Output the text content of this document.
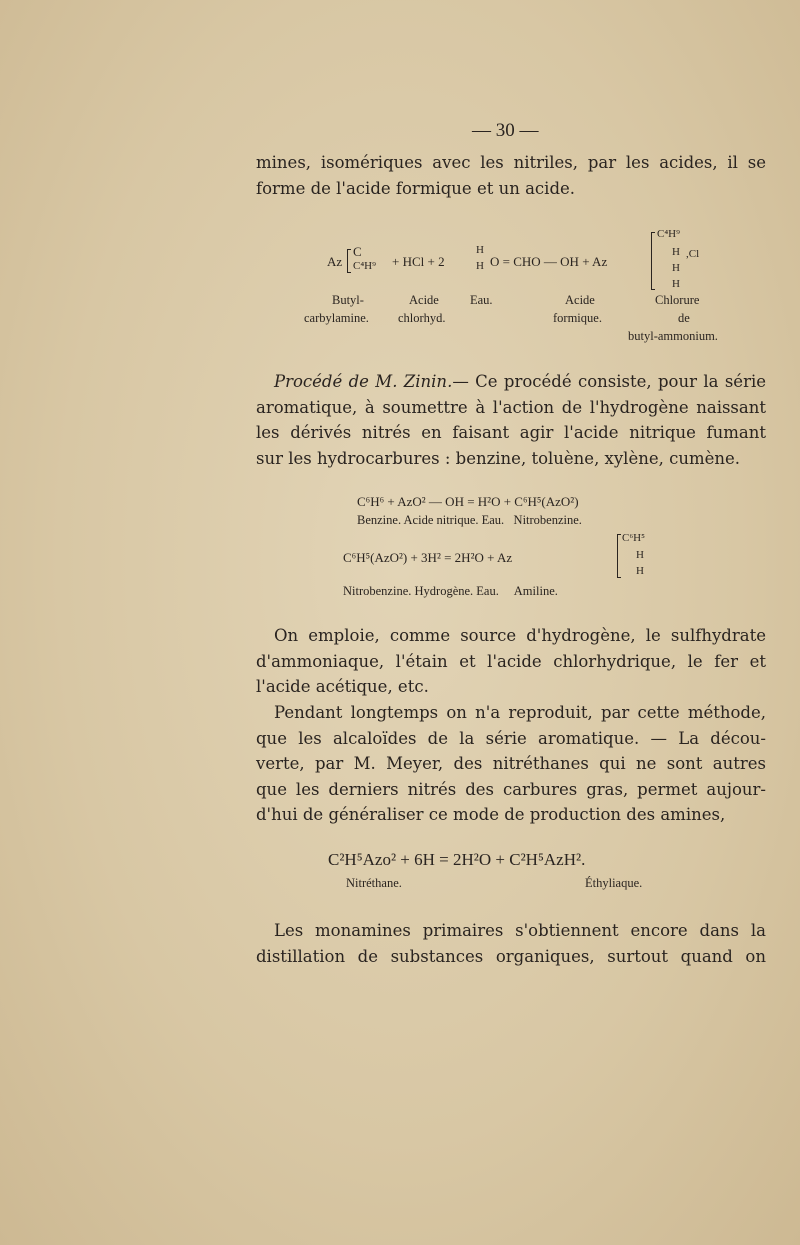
— 30 —
mines, isomériques avec les nitriles, par les acides, il se
forme de l'acide formique et un acide.
Az
C
C⁴H⁹ + HCl + 2
H
H O = CHO — OH + Az
C⁴H⁹
H ,Cl
H
H
Butyl-
carbylamine.
Acide
chlorhyd.
Eau.	Acide
formique.
Chlorure
de
butyl-ammonium.
Procédé de M. Zinin.— Ce procédé consiste, pour la série
aromatique, à soumettre à l'action de l'hydrogène naissant
les dérivés nitrés en faisant agir l'acide nitrique fumant
sur les hydrocarbures : benzine, toluène, xylène, cumène.
C⁶H⁶ + AzO² — OH = H²O + C⁶H⁵(AzO²)
Benzine. Acide nitrique. Eau.   Nitrobenzine.
C⁶H⁵(AzO²) + 3H² = 2H²O + Az
C⁶H⁵
H
H
Nitrobenzine. Hydrogène. Eau.     Amiline.
On emploie, comme source d'hydrogène, le sulfhydrate
d'ammoniaque, l'étain et l'acide chlorhydrique, le fer et
l'acide acétique, etc.
Pendant longtemps on n'a reproduit, par cette méthode,
que les alcaloïdes de la série aromatique. — La décou-
verte, par M. Meyer, des nitréthanes qui ne sont autres
que les derniers nitrés des carbures gras, permet aujour-
d'hui de généraliser ce mode de production des amines,
C²H⁵Azo² + 6H = 2H²O + C²H⁵AzH².
Nitréthane.	Éthyliaque.
Les monamines primaires s'obtiennent encore dans la
distillation de substances organiques, surtout quand on
